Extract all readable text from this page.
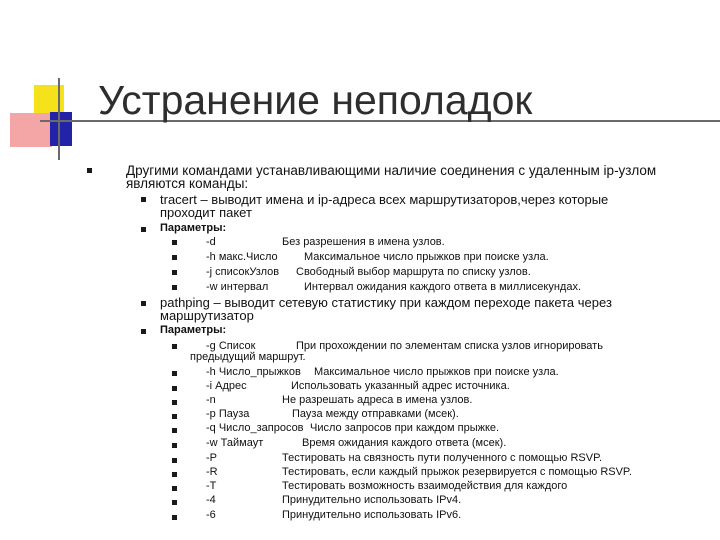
Устранение неполадок
Другими командами устанавливающими наличие соединения с удаленным ip-узлом
являются команды:
tracert – выводит имена и ip-адреса всех маршрутизаторов,через которые
проходит пакет
Параметры:
-d	Без разрешения в имена узлов.
-h макс.Число Максимальное число прыжков при поиске узла.
-j списокУзлов Свободный выбор маршрута по списку узлов.
-w интервал	Интервал ожидания каждого ответа в миллисекундах.
pathping – выводит сетевую статистику при каждом переходе пакета через
маршрутизатор
Параметры:
-g Список	При прохождении по элементам списка узлов игнорировать
предыдущий маршрут.
-h Число_прыжков Максимальное число прыжков при поиске узла.
-i Адрес	Использовать указанный адрес источника.
-n	Не разрешать адреса в имена узлов.
-p Пауза	Пауза между отправками (мсек).
-q Число_запросов Число запросов при каждом прыжке.
-w Таймаут	Время ожидания каждого ответа (мсек).
-P	Тестировать на связность пути полученного с помощью RSVP.
-R	Тестировать, если каждый прыжок резервируется с помощью RSVP.
-T	Тестировать возможность взаимодействия для каждого
-4	Принудительно использовать IPv4.
-6	Принудительно использовать IPv6.
